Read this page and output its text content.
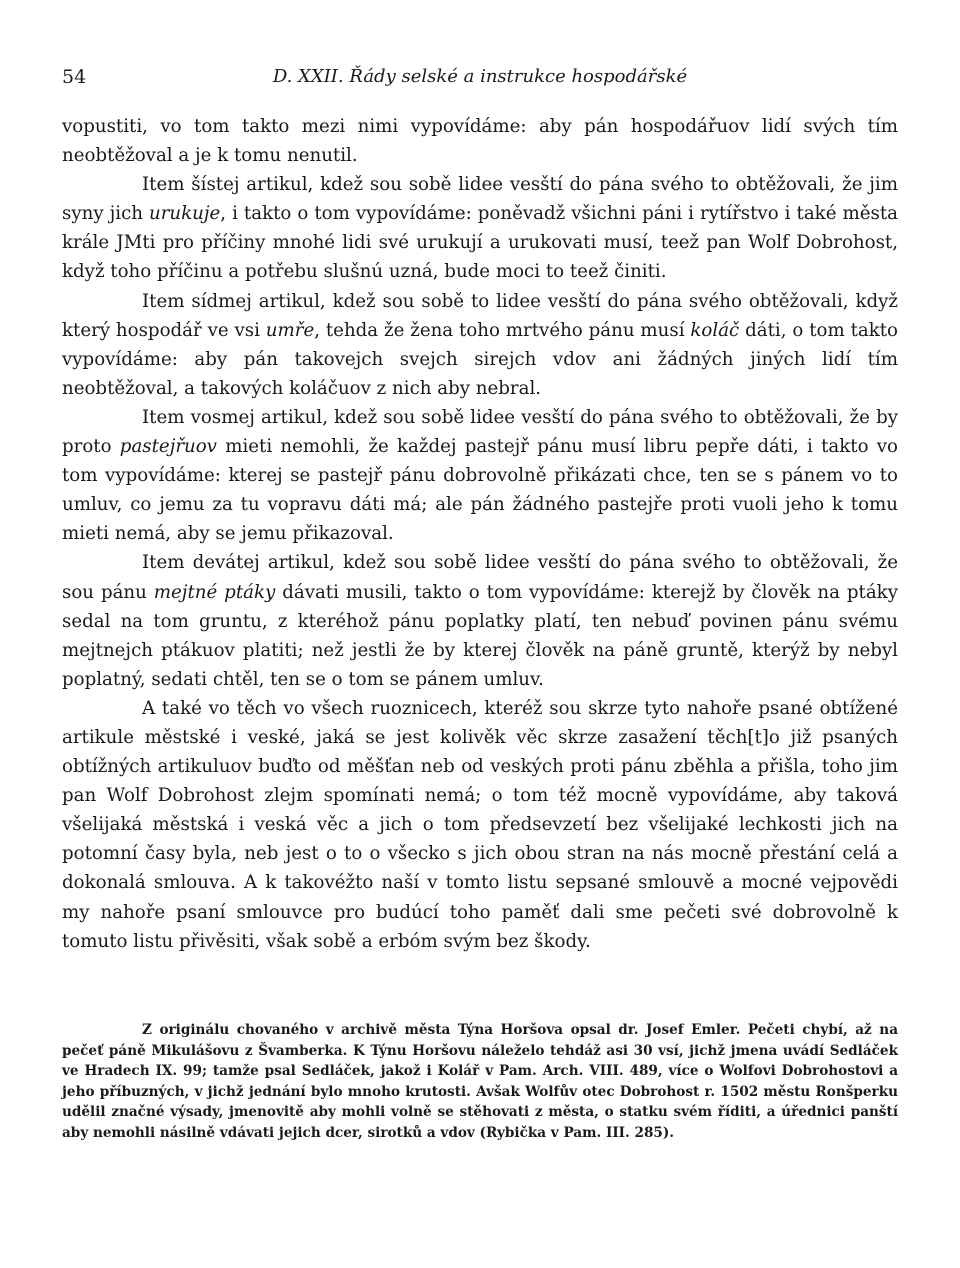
54	D. XXII. Řády selské a instrukce hospodářské

vopustiti, vo tom takto mezi nimi vypovídáme: aby pán hospodářuov lidí svých tím neobtěžoval a je k tomu nenutil.

Item šístej artikul, kdež sou sobě lidee vesští do pána svého to obtěžovali, že jim syny jich urukuje, i takto o tom vypovídáme: poněvadž všichni páni i rytířstvo i také města krále JMti pro příčiny mnohé lidi své urukují a urukovati musí, teež pan Wolf Dobrohost, když toho příčinu a potřebu slušnú uzná, bude moci to teež činiti.

Item sídmej artikul, kdež sou sobě to lidee vesští do pána svého obtěžovali, když který hospodář ve vsi umře, tehda že žena toho mrtvého pánu musí koláč dáti, o tom takto vypovídáme: aby pán takovejch svejch sirejch vdov ani žádných jiných lidí tím neobtěžoval, a takových koláčuov z nich aby nebral.

Item vosmej artikul, kdež sou sobě lidee vesští do pána svého to obtěžovali, že by proto pastejřuov mieti nemohli, že každej pastejř pánu musí libru pepře dáti, i takto vo tom vypovídáme: kterej se pastejř pánu dobrovolně přikázati chce, ten se s pánem vo to umluv, co jemu za tu vopravu dáti má; ale pán žádného pastejře proti vuoli jeho k tomu mieti nemá, aby se jemu přikazoval.

Item devátej artikul, kdež sou sobě lidee vesští do pána svého to obtěžovali, že sou pánu mejtné ptáky dávati musili, takto o tom vypovídáme: kterejž by člověk na ptáky sedal na tom gruntu, z kteréhož pánu poplatky platí, ten nebuď povinen pánu svému mejtnejch ptákuov platiti; než jestli že by kterej člověk na páně gruntě, kterýž by nebyl poplatný, sedati chtěl, ten se o tom se pánem umluv.

A také vo těch vo všech ruoznicech, kteréž sou skrze tyto nahoře psané obtížené artikule městské i veské, jaká se jest kolivěk věc skrze zasažení těch[t]o již psaných obtížných artikuluov buďto od měšťan neb od veských proti pánu zběhla a přišla, toho jim pan Wolf Dobrohost zlejm spomínati nemá; o tom též mocně vypovídáme, aby taková všelijaká městská i veská věc a jich o tom předsevzetí bez všelijaké lechkosti jich na potomní časy byla, neb jest o to o všecko s jich obou stran na nás mocně přestání celá a dokonalá smlouva. A k takovéžto naší v tomto listu sepsané smlouvě a mocné vejpovědi my nahoře psaní smlouvce pro budúcí toho paměť dali sme pečeti své dobrovolně k tomuto listu přivěsiti, však sobě a erbóm svým bez škody.

Z originálu chovaného v archivě města Týna Horšova opsal dr. Josef Emler. Pečeti chybí, až na pečeť páně Mikulášovu z Švamberka. K Týnu Horšovu náleželo tehdáž asi 30 vsí, jichž jmena uvádí Sedláček ve Hradech IX. 99; tamže psal Sedláček, jakož i Kolář v Pam. Arch. VIII. 489, více o Wolfovi Dobrohostovi a jeho příbuzných, v jichž jednání bylo mnoho krutosti. Avšak Wolfův otec Dobrohost r. 1502 městu Ronšperku udělil značné výsady, jmenovitě aby mohli volně se stěhovati z města, o statku svém říditi, a úřednici panští aby nemohli násilně vdávati jejich dcer, sirotků a vdov (Rybička v Pam. III. 285).
